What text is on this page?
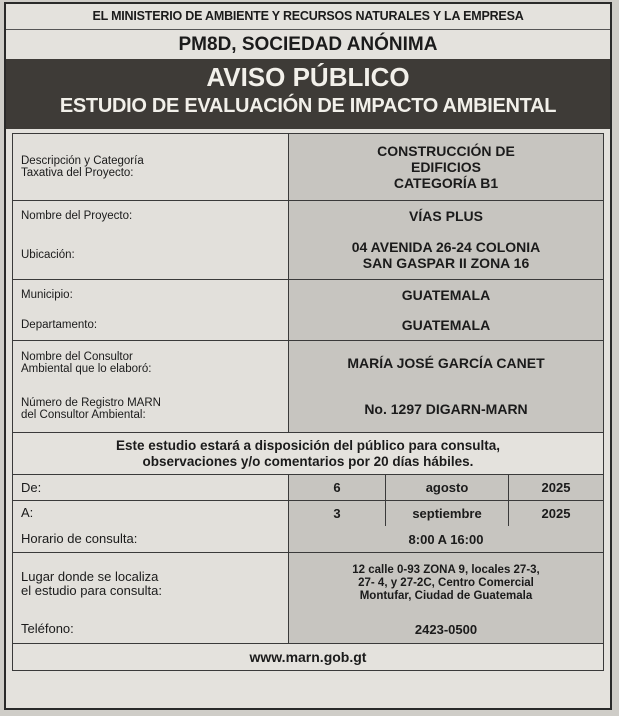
EL MINISTERIO DE AMBIENTE Y RECURSOS NATURALES Y LA EMPRESA
PM8D, SOCIEDAD ANÓNIMA
AVISO PÚBLICO
ESTUDIO DE EVALUACIÓN DE IMPACTO AMBIENTAL
Descripción y Categoría Taxativa del Proyecto:
CONSTRUCCIÓN DE
EDIFICIOS
CATEGORÍA B1
Nombre del Proyecto:	VÍAS PLUS
Ubicación:	04 AVENIDA 26-24 COLONIA
SAN GASPAR II ZONA 16
Municipio:	GUATEMALA
Departamento:	GUATEMALA
Nombre del Consultor
Ambiental que lo elaboró:	MARÍA JOSÉ GARCÍA CANET
Número de Registro MARN
del Consultor Ambiental:	No. 1297 DIGARN-MARN
Este estudio estará a disposición del público para consulta,
observaciones y/o comentarios por 20 días hábiles.
De:	6	agosto	2025
A:	3	septiembre	2025
Horario de consulta:	8:00 A 16:00
Lugar donde se localiza
el estudio para consulta:
12 calle 0-93 ZONA 9, locales 27-3,
27- 4, y 27-2C, Centro Comercial
Montufar, Ciudad de Guatemala
Teléfono:	2423-0500
www.marn.gob.gt
